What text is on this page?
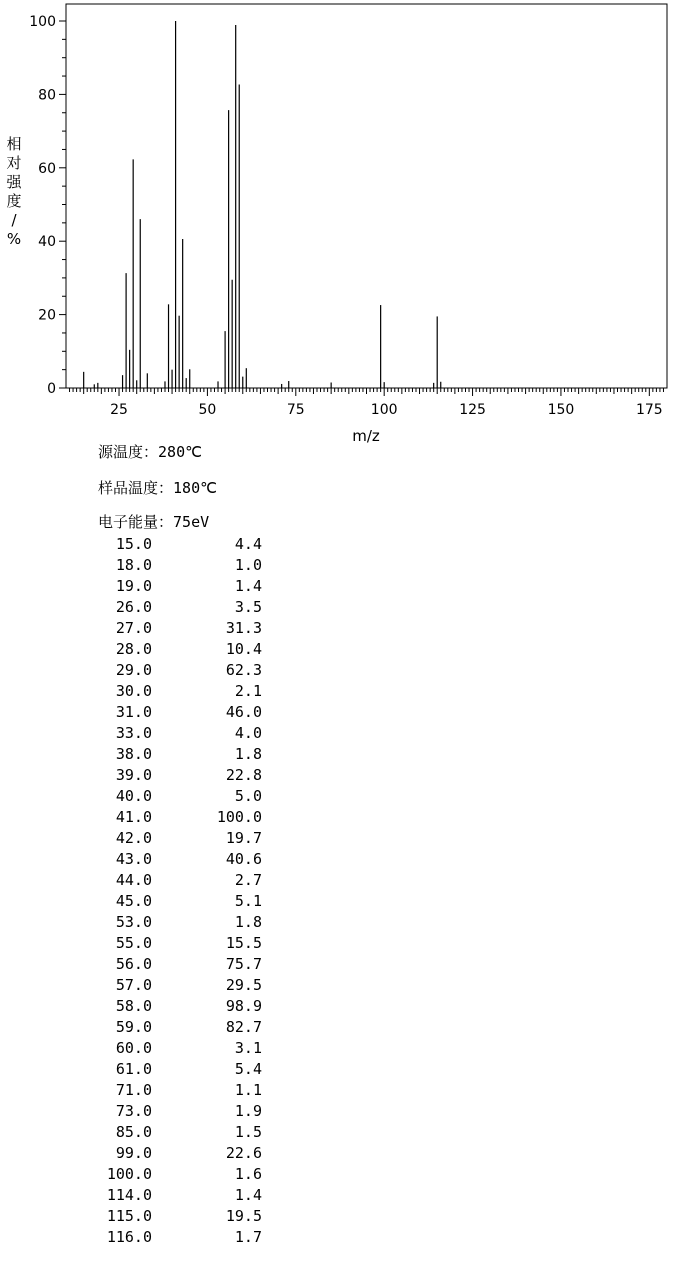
0
20
40
60
80
100
25	50	75	100	125	150	175
m/z
相对强度/ %
源温度：280℃
样品温度：180℃
电子能量：75eV
15.0	4.4
18.0	1.0
19.0	1.4
26.0	3.5
27.0	31.3
28.0	10.4
29.0	62.3
30.0	2.1
31.0	46.0
33.0	4.0
38.0	1.8
39.0	22.8
40.0	5.0
41.0	100.0
42.0	19.7
43.0	40.6
44.0	2.7
45.0	5.1
53.0	1.8
55.0	15.5
56.0	75.7
57.0	29.5
58.0	98.9
59.0	82.7
60.0	3.1
61.0	5.4
71.0	1.1
73.0	1.9
85.0	1.5
99.0	22.6
100.0	1.6
114.0	1.4
115.0	19.5
116.0	1.7
